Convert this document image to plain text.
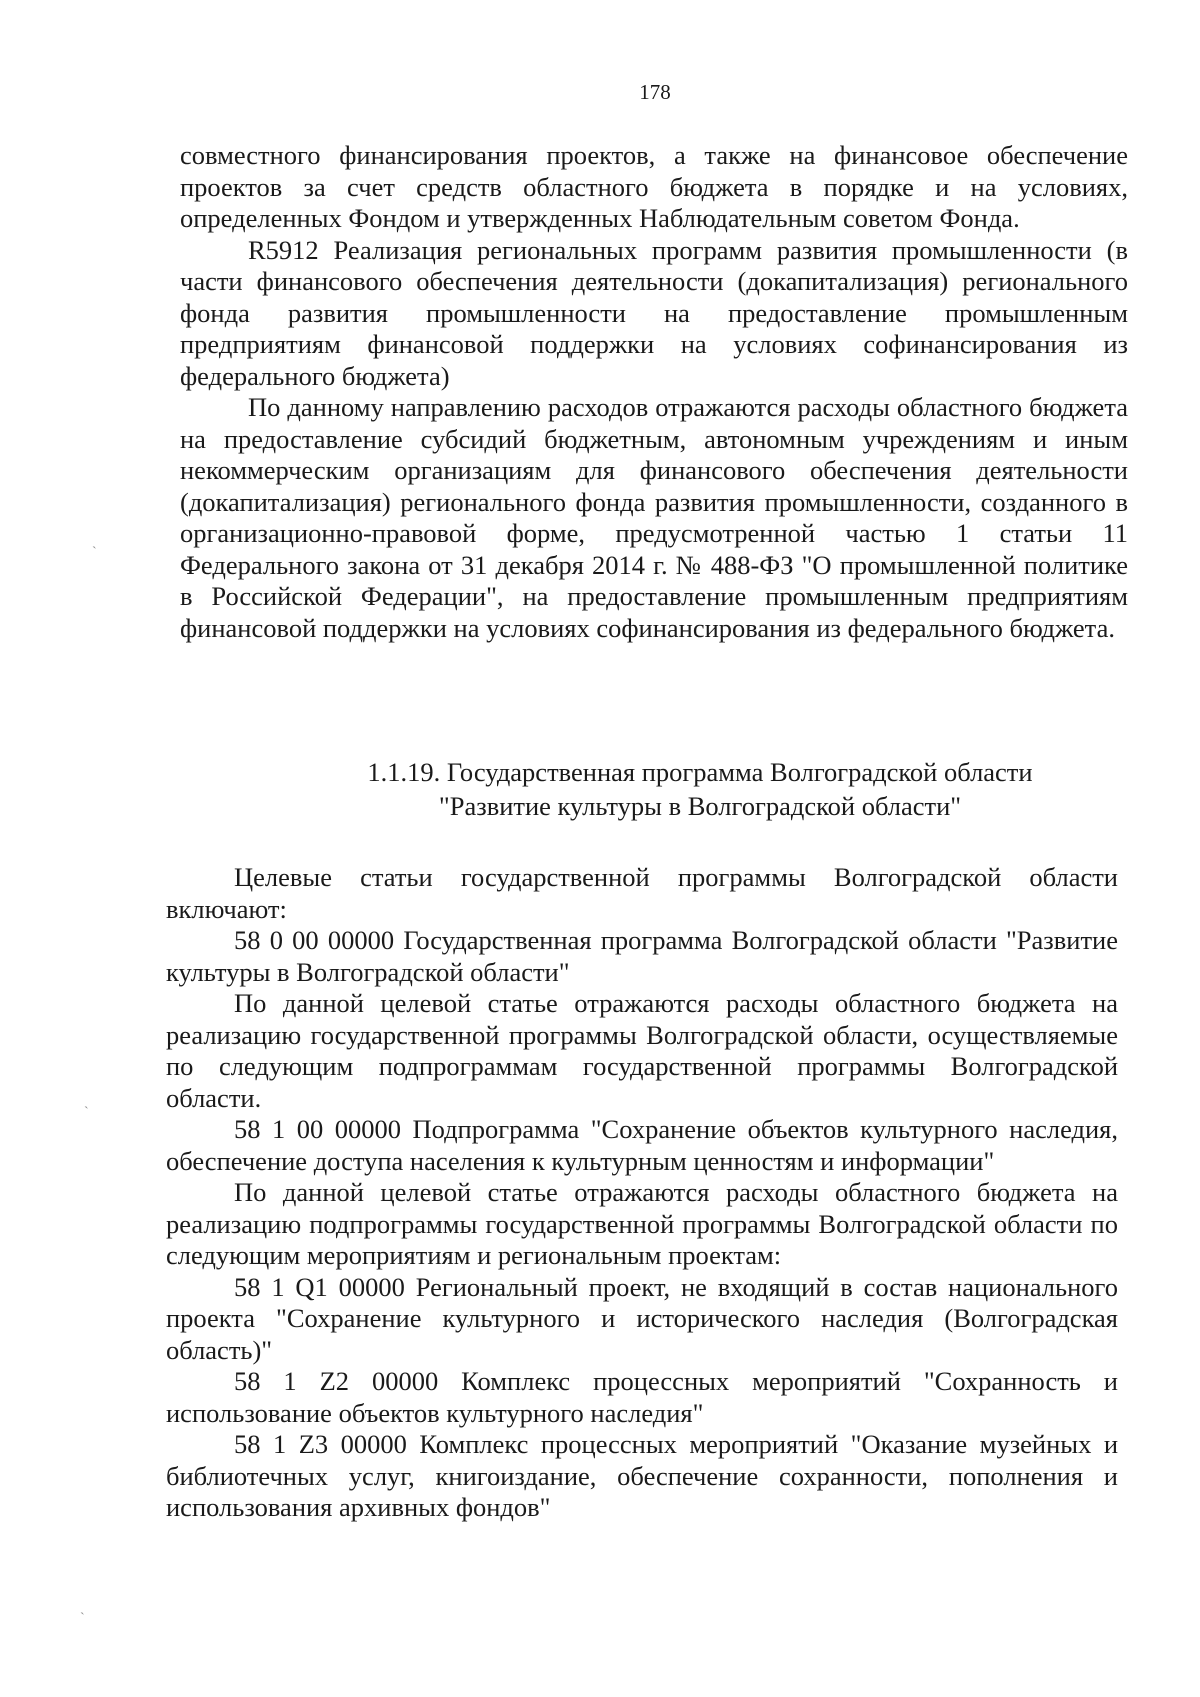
178

совместного финансирования проектов, а также на финансовое обеспечение проектов за счет средств областного бюджета в порядке и на условиях, определенных Фондом и утвержденных Наблюдательным советом Фонда.

R5912 Реализация региональных программ развития промышленности (в части финансового обеспечения деятельности (докапитализация) регионального фонда развития промышленности на предоставление промышленным предприятиям финансовой поддержки на условиях софинансирования из федерального бюджета)

По данному направлению расходов отражаются расходы областного бюджета на предоставление субсидий бюджетным, автономным учреждениям и иным некоммерческим организациям для финансового обеспечения деятельности (докапитализация) регионального фонда развития промышленности, созданного в организационно-правовой форме, предусмотренной частью 1 статьи 11 Федерального закона от 31 декабря 2014 г. № 488-ФЗ "О промышленной политике в Российской Федерации", на предоставление промышленным предприятиям финансовой поддержки на условиях софинансирования из федерального бюджета.

1.1.19. Государственная программа Волгоградской области

"Развитие культуры в Волгоградской области"

Целевые статьи государственной программы Волгоградской области включают:

58 0 00 00000 Государственная программа Волгоградской области "Развитие культуры в Волгоградской области"

По данной целевой статье отражаются расходы областного бюджета на реализацию государственной программы Волгоградской области, осуществляемые по следующим подпрограммам государственной программы Волгоградской области.

58 1 00 00000 Подпрограмма "Сохранение объектов культурного наследия, обеспечение доступа населения к культурным ценностям и информации"

По данной целевой статье отражаются расходы областного бюджета на реализацию подпрограммы государственной программы Волгоградской области по следующим мероприятиям и региональным проектам:

58 1 Q1 00000 Региональный проект, не входящий в состав национального проекта "Сохранение культурного и исторического наследия (Волгоградская область)"

58 1 Z2 00000 Комплекс процессных мероприятий "Сохранность и использование объектов культурного наследия"

58 1 Z3 00000 Комплекс процессных мероприятий "Оказание музейных и библиотечных услуг, книгоиздание, обеспечение сохранности, пополнения и использования архивных фондов"

ˋ
ˋ
ˋ
